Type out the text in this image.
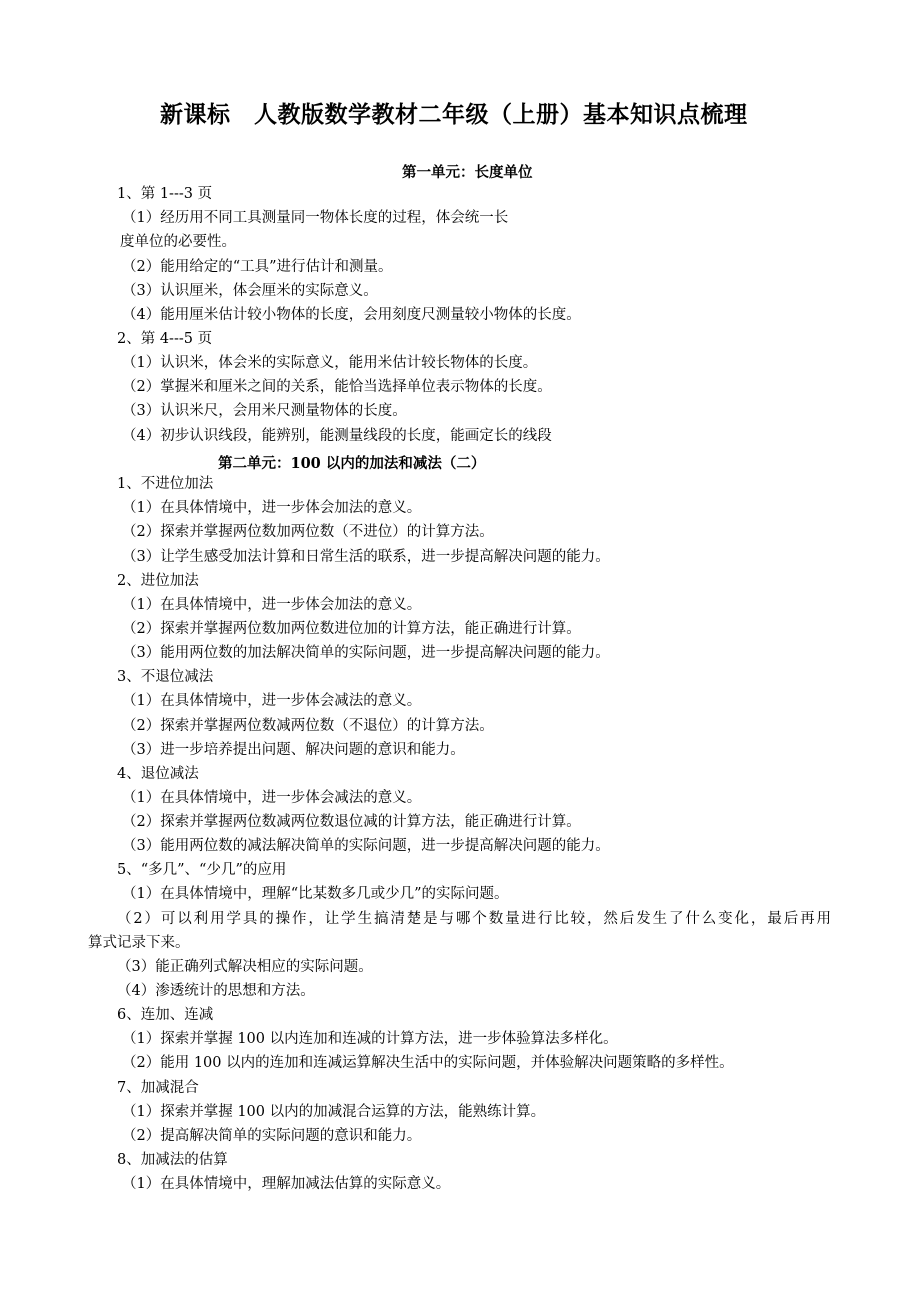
新课标　人教版数学教材二年级（上册）基本知识点梳理
第一单元：长度单位
1、第 1---3 页
（1）经历用不同工具测量同一物体长度的过程，体会统一长
度单位的必要性。
（2）能用给定的“工具”进行估计和测量。
（3）认识厘米，体会厘米的实际意义。
（4）能用厘米估计较小物体的长度，会用刻度尺测量较小物体的长度。
2、第 4---5 页
（1）认识米，体会米的实际意义，能用米估计较长物体的长度。
（2）掌握米和厘米之间的关系，能恰当选择单位表示物体的长度。
（3）认识米尺，会用米尺测量物体的长度。
（4）初步认识线段，能辨别，能测量线段的长度，能画定长的线段
第二单元：100 以内的加法和减法（二）
1、不进位加法
（1）在具体情境中，进一步体会加法的意义。
（2）探索并掌握两位数加两位数（不进位）的计算方法。
（3）让学生感受加法计算和日常生活的联系，进一步提高解决问题的能力。
2、进位加法
（1）在具体情境中，进一步体会加法的意义。
（2）探索并掌握两位数加两位数进位加的计算方法，能正确进行计算。
（3）能用两位数的加法解决简单的实际问题，进一步提高解决问题的能力。
3、不退位减法
（1）在具体情境中，进一步体会减法的意义。
（2）探索并掌握两位数减两位数（不退位）的计算方法。
（3）进一步培养提出问题、解决问题的意识和能力。
4、退位减法
（1）在具体情境中，进一步体会减法的意义。
（2）探索并掌握两位数减两位数退位减的计算方法，能正确进行计算。
（3）能用两位数的减法解决简单的实际问题，进一步提高解决问题的能力。
5、“多几”、“少几”的应用
（1）在具体情境中，理解“比某数多几或少几”的实际问题。
（2）可以利用学具的操作，让学生搞清楚是与哪个数量进行比较，然后发生了什么变化，最后再用
算式记录下来。
（3）能正确列式解决相应的实际问题。
（4）渗透统计的思想和方法。
6、连加、连减
（1）探索并掌握 100 以内连加和连减的计算方法，进一步体验算法多样化。
（2）能用 100 以内的连加和连减运算解决生活中的实际问题，并体验解决问题策略的多样性。
7、加减混合
（1）探索并掌握 100 以内的加减混合运算的方法，能熟练计算。
（2）提高解决简单的实际问题的意识和能力。
8、加减法的估算
（1）在具体情境中，理解加减法估算的实际意义。
